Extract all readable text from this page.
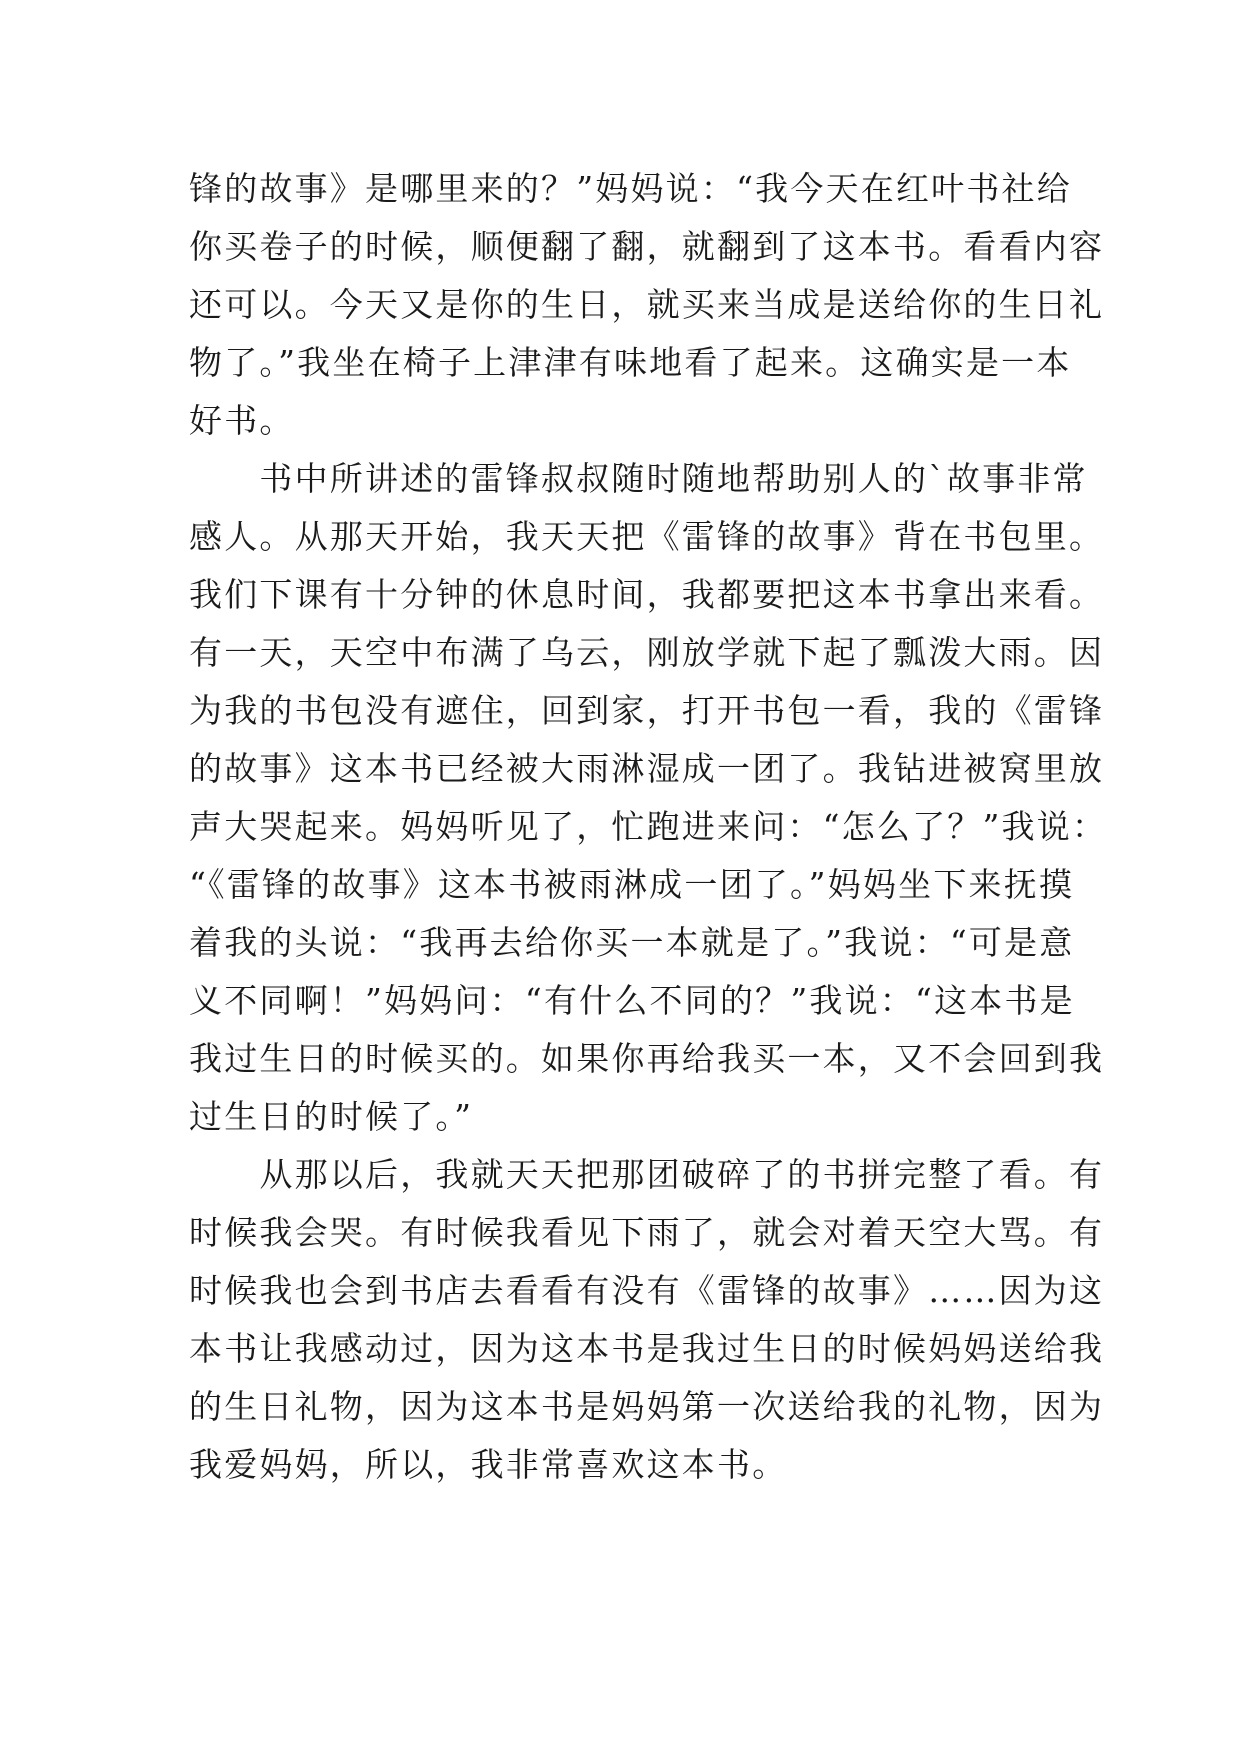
锋的故事》是哪里来的？”妈妈说：“我今天在红叶书社给
你买卷子的时候，顺便翻了翻，就翻到了这本书。看看内容
还可以。今天又是你的生日，就买来当成是送给你的生日礼
物了。”我坐在椅子上津津有味地看了起来。这确实是一本
好书。
　　书中所讲述的雷锋叔叔随时随地帮助别人的`故事非常
感人。从那天开始，我天天把《雷锋的故事》背在书包里。
我们下课有十分钟的休息时间，我都要把这本书拿出来看。
有一天，天空中布满了乌云，刚放学就下起了瓢泼大雨。因
为我的书包没有遮住，回到家，打开书包一看，我的《雷锋
的故事》这本书已经被大雨淋湿成一团了。我钻进被窝里放
声大哭起来。妈妈听见了，忙跑进来问：“怎么了？”我说：
“《雷锋的故事》这本书被雨淋成一团了。”妈妈坐下来抚摸
着我的头说：“我再去给你买一本就是了。”我说：“可是意
义不同啊！”妈妈问：“有什么不同的？”我说：“这本书是
我过生日的时候买的。如果你再给我买一本，又不会回到我
过生日的时候了。”
　　从那以后，我就天天把那团破碎了的书拼完整了看。有
时候我会哭。有时候我看见下雨了，就会对着天空大骂。有
时候我也会到书店去看看有没有《雷锋的故事》……因为这
本书让我感动过，因为这本书是我过生日的时候妈妈送给我
的生日礼物，因为这本书是妈妈第一次送给我的礼物，因为
我爱妈妈，所以，我非常喜欢这本书。
